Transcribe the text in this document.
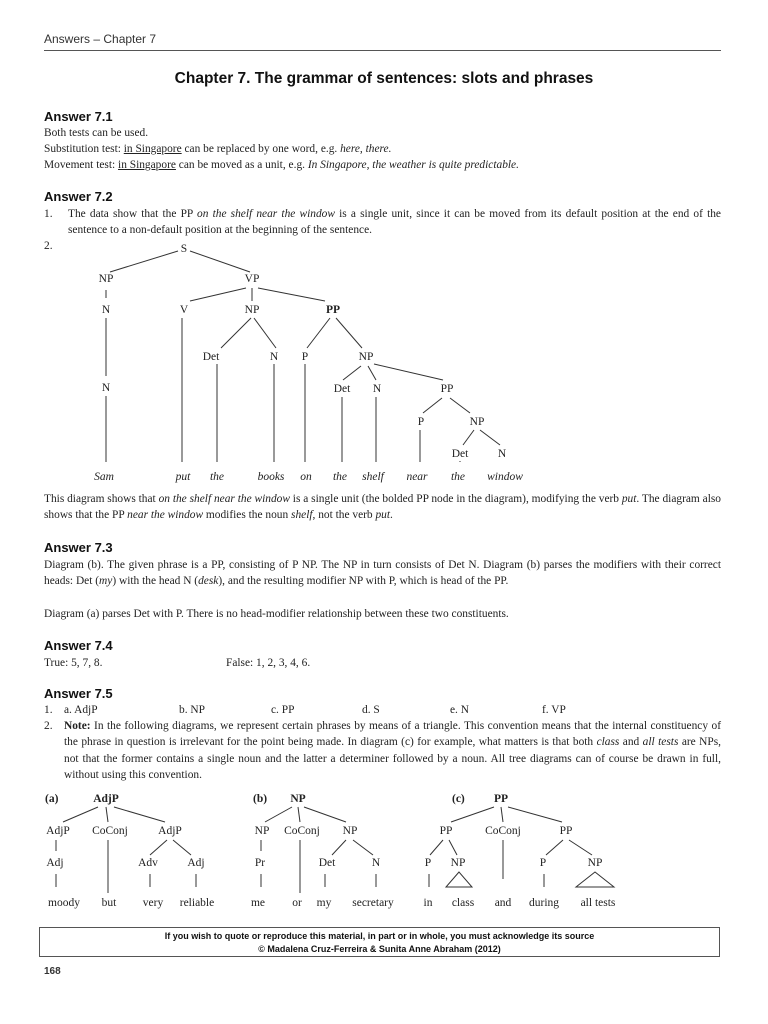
Answers – Chapter 7
Chapter 7. The grammar of sentences: slots and phrases
Answer 7.1
Both tests can be used.
Substitution test: in Singapore can be replaced by one word, e.g. here, there.
Movement test: in Singapore can be moved as a unit, e.g. In Singapore, the weather is quite predictable.
Answer 7.2
1. The data show that the PP on the shelf near the window is a single unit, since it can be moved from its default position at the end of the sentence to a non-default position at the beginning of the sentence.
2.	S
NP	VP
N	V	NP	PP
Det	N P	NP
N	Det N	PP
P	NP
Det	N
Sam	put the	books on the shelf near the window
This diagram shows that on the shelf near the window is a single unit (the bolded PP node in the diagram), modifying the verb put. The diagram also shows that the PP near the window modifies the noun shelf, not the verb put.
Answer 7.3
Diagram (b). The given phrase is a PP, consisting of P NP. The NP in turn consists of Det N. Diagram (b) parses the modifiers with their correct heads: Det (my) with the head N (desk), and the resulting modifier NP with P, which is head of the PP.
Diagram (a) parses Det with P. There is no head-modifier relationship between these two constituents.
Answer 7.4
True: 5, 7, 8.	False: 1, 2, 3, 4, 6.
Answer 7.5
1. a. AdjP	b. NP	c. PP	d. S	e. N	f. VP
2. Note: In the following diagrams, we represent certain phrases by means of a triangle. This convention means that the internal constituency of the phrase in question is irrelevant for the point being made. In diagram (c) for example, what matters is that both class and all tests are NPs, not that the former contains a single noun and the latter a determiner followed by a noun. All tree diagrams can of course be drawn in full, without using this convention.
(a)	AdjP
AdjP CoConj	AdjP
Adj	Adv	Adj
moody but very reliable
(b) NP
NP CoConj NP
Pr	Det	N
me or my secretary
(c)	PP
PP	CoConj	PP
P NP	P	NP
in class and during all tests
If you wish to quote or reproduce this material, in part or in whole, you must acknowledge its source
© Madalena Cruz-Ferreira & Sunita Anne Abraham (2012)
168
